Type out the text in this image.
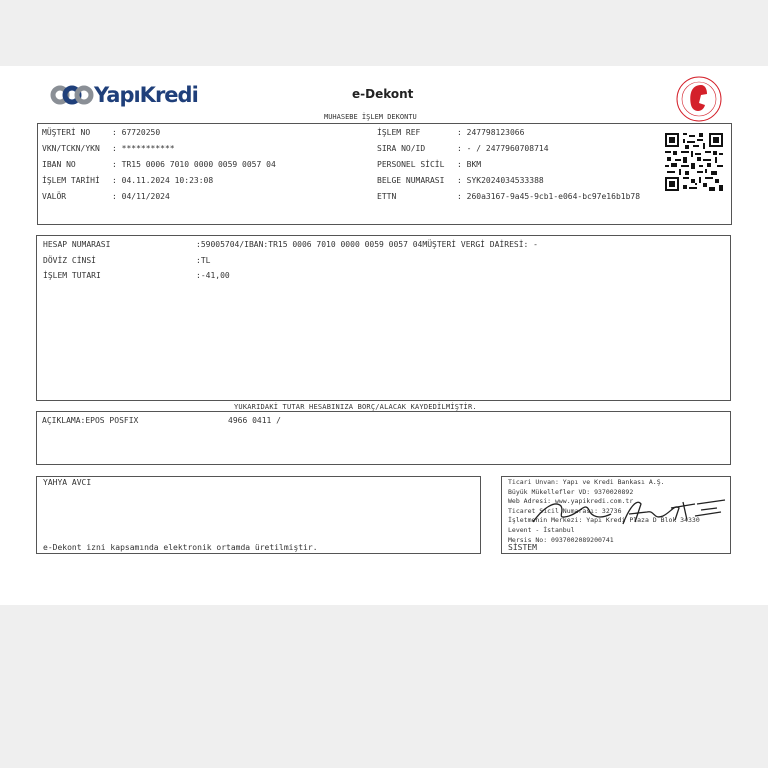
YapıKredi	e-Dekont
MUHASEBE İŞLEM DEKONTU
MÜŞTERİ NO	: 67720250
VKN/TCKN/YKN : ***********
IBAN NO	: TR15 0006 7010 0000 0059 0057 04
İŞLEM TARİHİ : 04.11.2024 10:23:08
VALÖR	: 04/11/2024
İŞLEM REF	: 247798123066
SIRA NO/ID	: - / 2477960708714
PERSONEL SİCİL : BKM
BELGE NUMARASI : SYK2024034533388
ETTN	: 260a3167-9a45-9cb1-e064-bc97e16b1b78
HESAP NUMARASI	:59005704/IBAN:TR15 0006 7010 0000 0059 0057 04MÜŞTERİ VERGİ DAİRESİ: -
DÖVİZ CİNSİ	:TL
İŞLEM TUTARI	:-41,00
YUKARIDAKİ TUTAR HESABINIZA BORÇ/ALACAK KAYDEDİLMİŞTİR.
AÇIKLAMA:EPOS POSFIX	4966 0411 /
YAHYA AVCI
e-Dekont izni kapsamında elektronik ortamda üretilmiştir.
Ticari Unvan: Yapı ve Kredi Bankası A.Ş.
Büyük Mükellefler VD: 9370020892
Web Adresi: www.yapikredi.com.tr
Ticaret Sicil Numarası: 32736
İşletmenin Merkezi: Yapı Kredi Plaza D Blok 34330
Levent - İstanbul
Mersis No: 0937002089200741
SİSTEM
